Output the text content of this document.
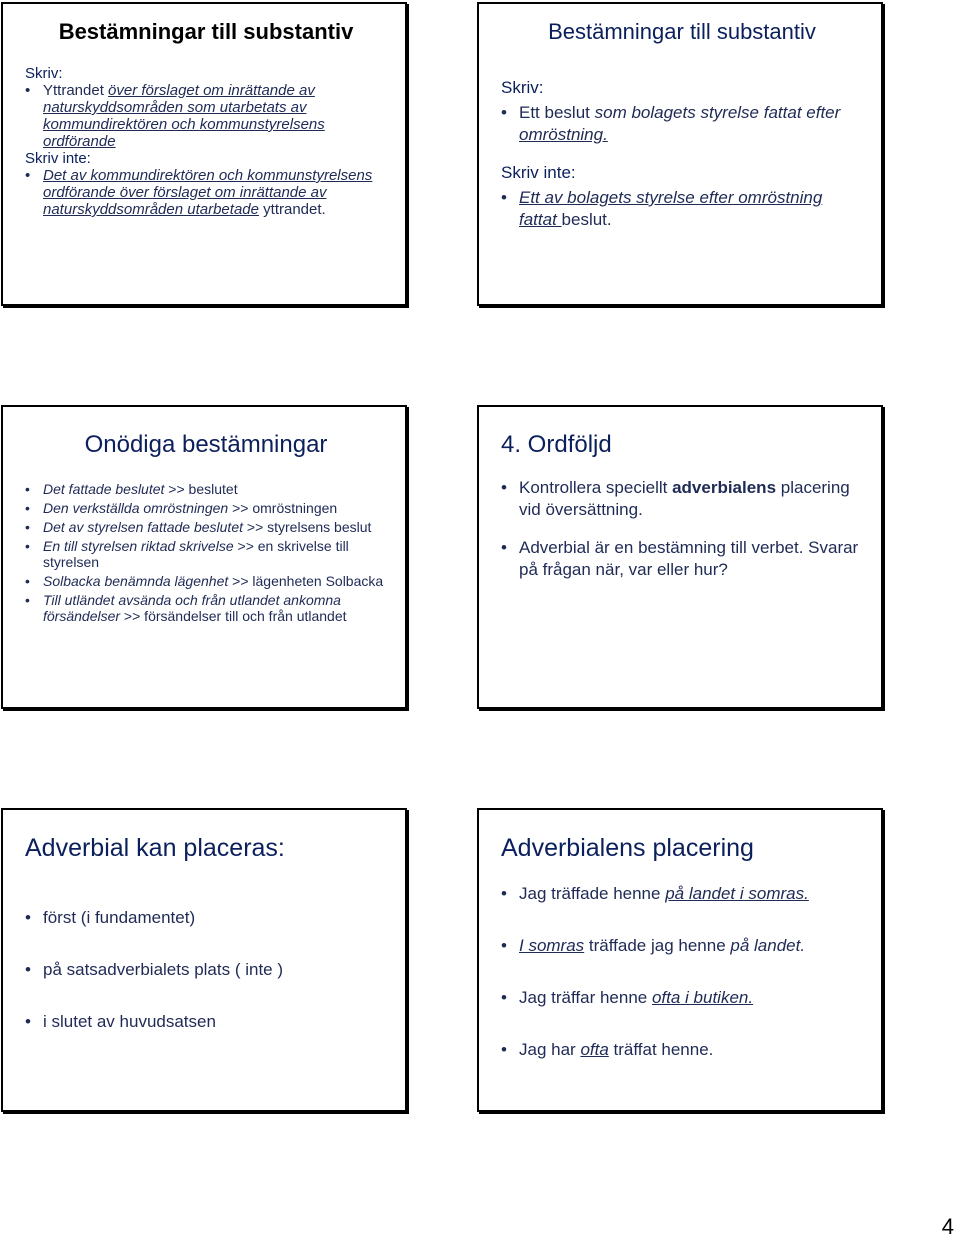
Bestämningar till substantiv
Skriv:
• Yttrandet över förslaget om inrättande av naturskyddsområden som utarbetats av kommundirektören och kommunstyrelsens ordförande
Skriv inte:
• Det av kommundirektören och kommunstyrelsens ordförande över förslaget om inrättande av naturskyddsområden utarbetade yttrandet.
Bestämningar till substantiv
Skriv:
• Ett beslut som bolagets styrelse fattat efter omröstning.
Skriv inte:
• Ett av bolagets styrelse efter omröstning fattat beslut.
Onödiga bestämningar
• Det fattade beslutet >> beslutet
• Den verkställda omröstningen >> omröstningen
• Det av styrelsen fattade beslutet >> styrelsens beslut
• En till styrelsen riktad skrivelse >> en skrivelse till styrelsen
• Solbacka benämnda lägenhet >> lägenheten Solbacka
• Till utländet avsända och från utlandet ankomna försändelser >> försändelser till och från utlandet
4. Ordföljd
• Kontrollera speciellt adverbialens placering vid översättning.
• Adverbial är en bestämning till verbet. Svarar på frågan när, var eller hur?
Adverbial kan placeras:
• först (i fundamentet)
• på satsadverbialets plats ( inte )
• i slutet av huvudsatsen
Adverbialens placering
• Jag träffade henne på landet i somras.
• I somras träffade jag henne på landet.
• Jag träffar henne ofta i butiken.
• Jag har ofta träffat henne.
4
